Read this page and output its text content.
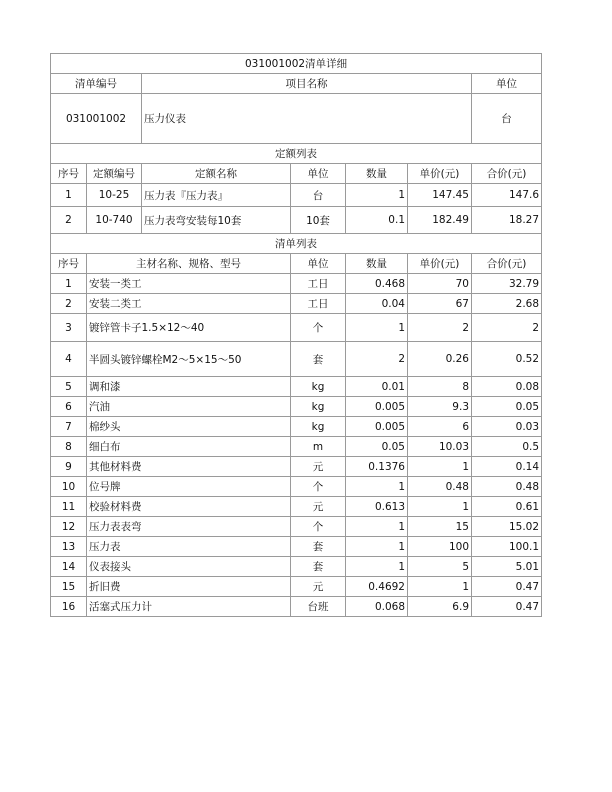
031001002清单详细							
清单编号		项目名称				单位	
031001002		压力仪表				台	
定额列表							
序号	定额编号	定额名称	单位	数量	单价(元)	合价(元)	
1	10-25	压力表『压力表』	台	1	147.45	147.6	
2	10-740	压力表弯安装每10套	10套	0.1	182.49	18.27	
清单列表							
序号	主材名称、规格、型号		单位	数量	单价(元)	合价(元)	
1	安装一类工		工日	0.468	70	32.79	
2	安装二类工		工日	0.04	67	2.68	
3	镀锌管卡子1.5×12～40		个	1	2	2	
4	半圆头镀锌螺栓M2～5×15～50		套	2	0.26	0.52	
5	调和漆		kg	0.01	8	0.08	
6	汽油		kg	0.005	9.3	0.05	
7	棉纱头		kg	0.005	6	0.03	
8	细白布		m	0.05	10.03	0.5	
9	其他材料费		元	0.1376	1	0.14	
10	位号牌		个	1	0.48	0.48	
11	校验材料费		元	0.613	1	0.61	
12	压力表表弯		个	1	15	15.02	
13	压力表		套	1	100	100.1	
14	仪表接头		套	1	5	5.01	
15	折旧费		元	0.4692	1	0.47	
16	活塞式压力计		台班	0.068	6.9	0.47	
